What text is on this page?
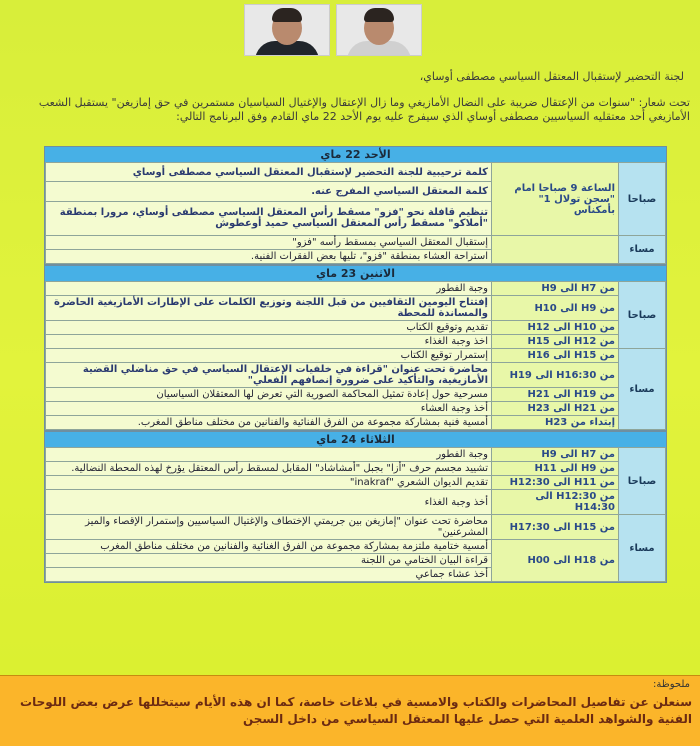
لجنة التحضير لإستقبال المعتقل السياسي مصطفى أوساي،
تحت شعار: "سنوات من الإعتقال ضريبة على النضال الأمازيغي وما زال الإعتقال والإغتيال السياسيان مستمرين في حق إمازيغن" يستقبل الشعب الأمازيغي أحد معتقليه السياسيين مصطفى أوساي الذي سيفرج عليه يوم الأحد 22 ماي القادم وفق البرنامج التالي:
الأحد 22 ماي
صباحا	الساعة 9 صباحا امام "سجن تولال 1" بأمكناس	كلمة ترحيبية للجنة التحضير لإستقبال المعتقل السياسي مصطفى أوساي
		كلمة المعتقل السياسي المفرج عنه.
		تنظيم قافلة نحو "فزو" مسقط رأس المعتقل السياسي مصطفى أوساي، مرورا بمنطقة "أملاكو" مسقط رأس المعتقل السياسي حميد أوعطوش
مساء		إستقبال المعتقل السياسي بمسقط رأسه "فزو"
		استراحة العشاء بمنطقة "فزو"، تليها بعض الفقرات الفنية.
الاثنين 23 ماي
صباحا	من H7 الى H9	وجبة الفطور
	من H9 الى H10	إفتتاح اليومين الثقافيين من قبل اللجنة وتوزيع الكلمات على الإطارات الأمازيغية الحاضرة والمساندة للمحطة
	من H10 الى H12	تقديم وتوقيع الكتاب
	من H12 الى H15	اخذ وجبة الغذاء
مساء	من H15 الى H16	إستمرار توقيع الكتاب
	من H16:30 الى H19	محاضرة تحت عنوان "قراءة في خلفيات الإعتقال السياسي في حق مناضلي القضية الأمازيغية، والتأكيد على ضرورة إنصافهم الفعلي"
	من H19 الى H21	مسرحية حول إعادة تمثيل المحاكمة الصورية التي تعرض لها المعتقلان السياسيان
	من H21 الى H23	أخذ وجبة العشاء
	إبتداء من H23	أمسية فنية بمشاركة مجموعة من الفرق الفنائية والفنانين من مختلف مناطق المغرب.
الثلاثاء 24 ماي
صباحا	من H7 الى H9	وجبة الفطور
	من H9 الى H11	تشييد مجسم حرف "أزا" بجبل "أمشاشاد" المقابل لمسقط رأس المعتقل يؤرخ لهذه المحطة النضالية.
	من H11 الى H12:30	تقديم الديوان الشعري "inakraf"
	من H12:30 الى H14:30	أخذ وجبة الغذاء
مساء	من H15 الى H17:30	محاضرة تحت عنوان "إمازيغن بين جريمتي الإختطاف والإغتيال السياسيين وإستمرار الإقصاء والميز المشرعنين"
	من H18 الى H00	أمسية ختامية ملتزمة بمشاركة مجموعة من الفرق الغنائية والفنانين من مختلف مناطق المغرب
		قراءة البيان الختامي من اللجنة
		أخذ عشاء جماعي
ملحوظة:
سنعلن عن تفاصيل المحاضرات والكتاب والامسية في بلاغات خاصة، كما ان هذه الأيام سيتخللها عرض بعض اللوحات الفنية والشواهد العلمية التي حصل عليها المعتقل السياسي من داخل السجن
